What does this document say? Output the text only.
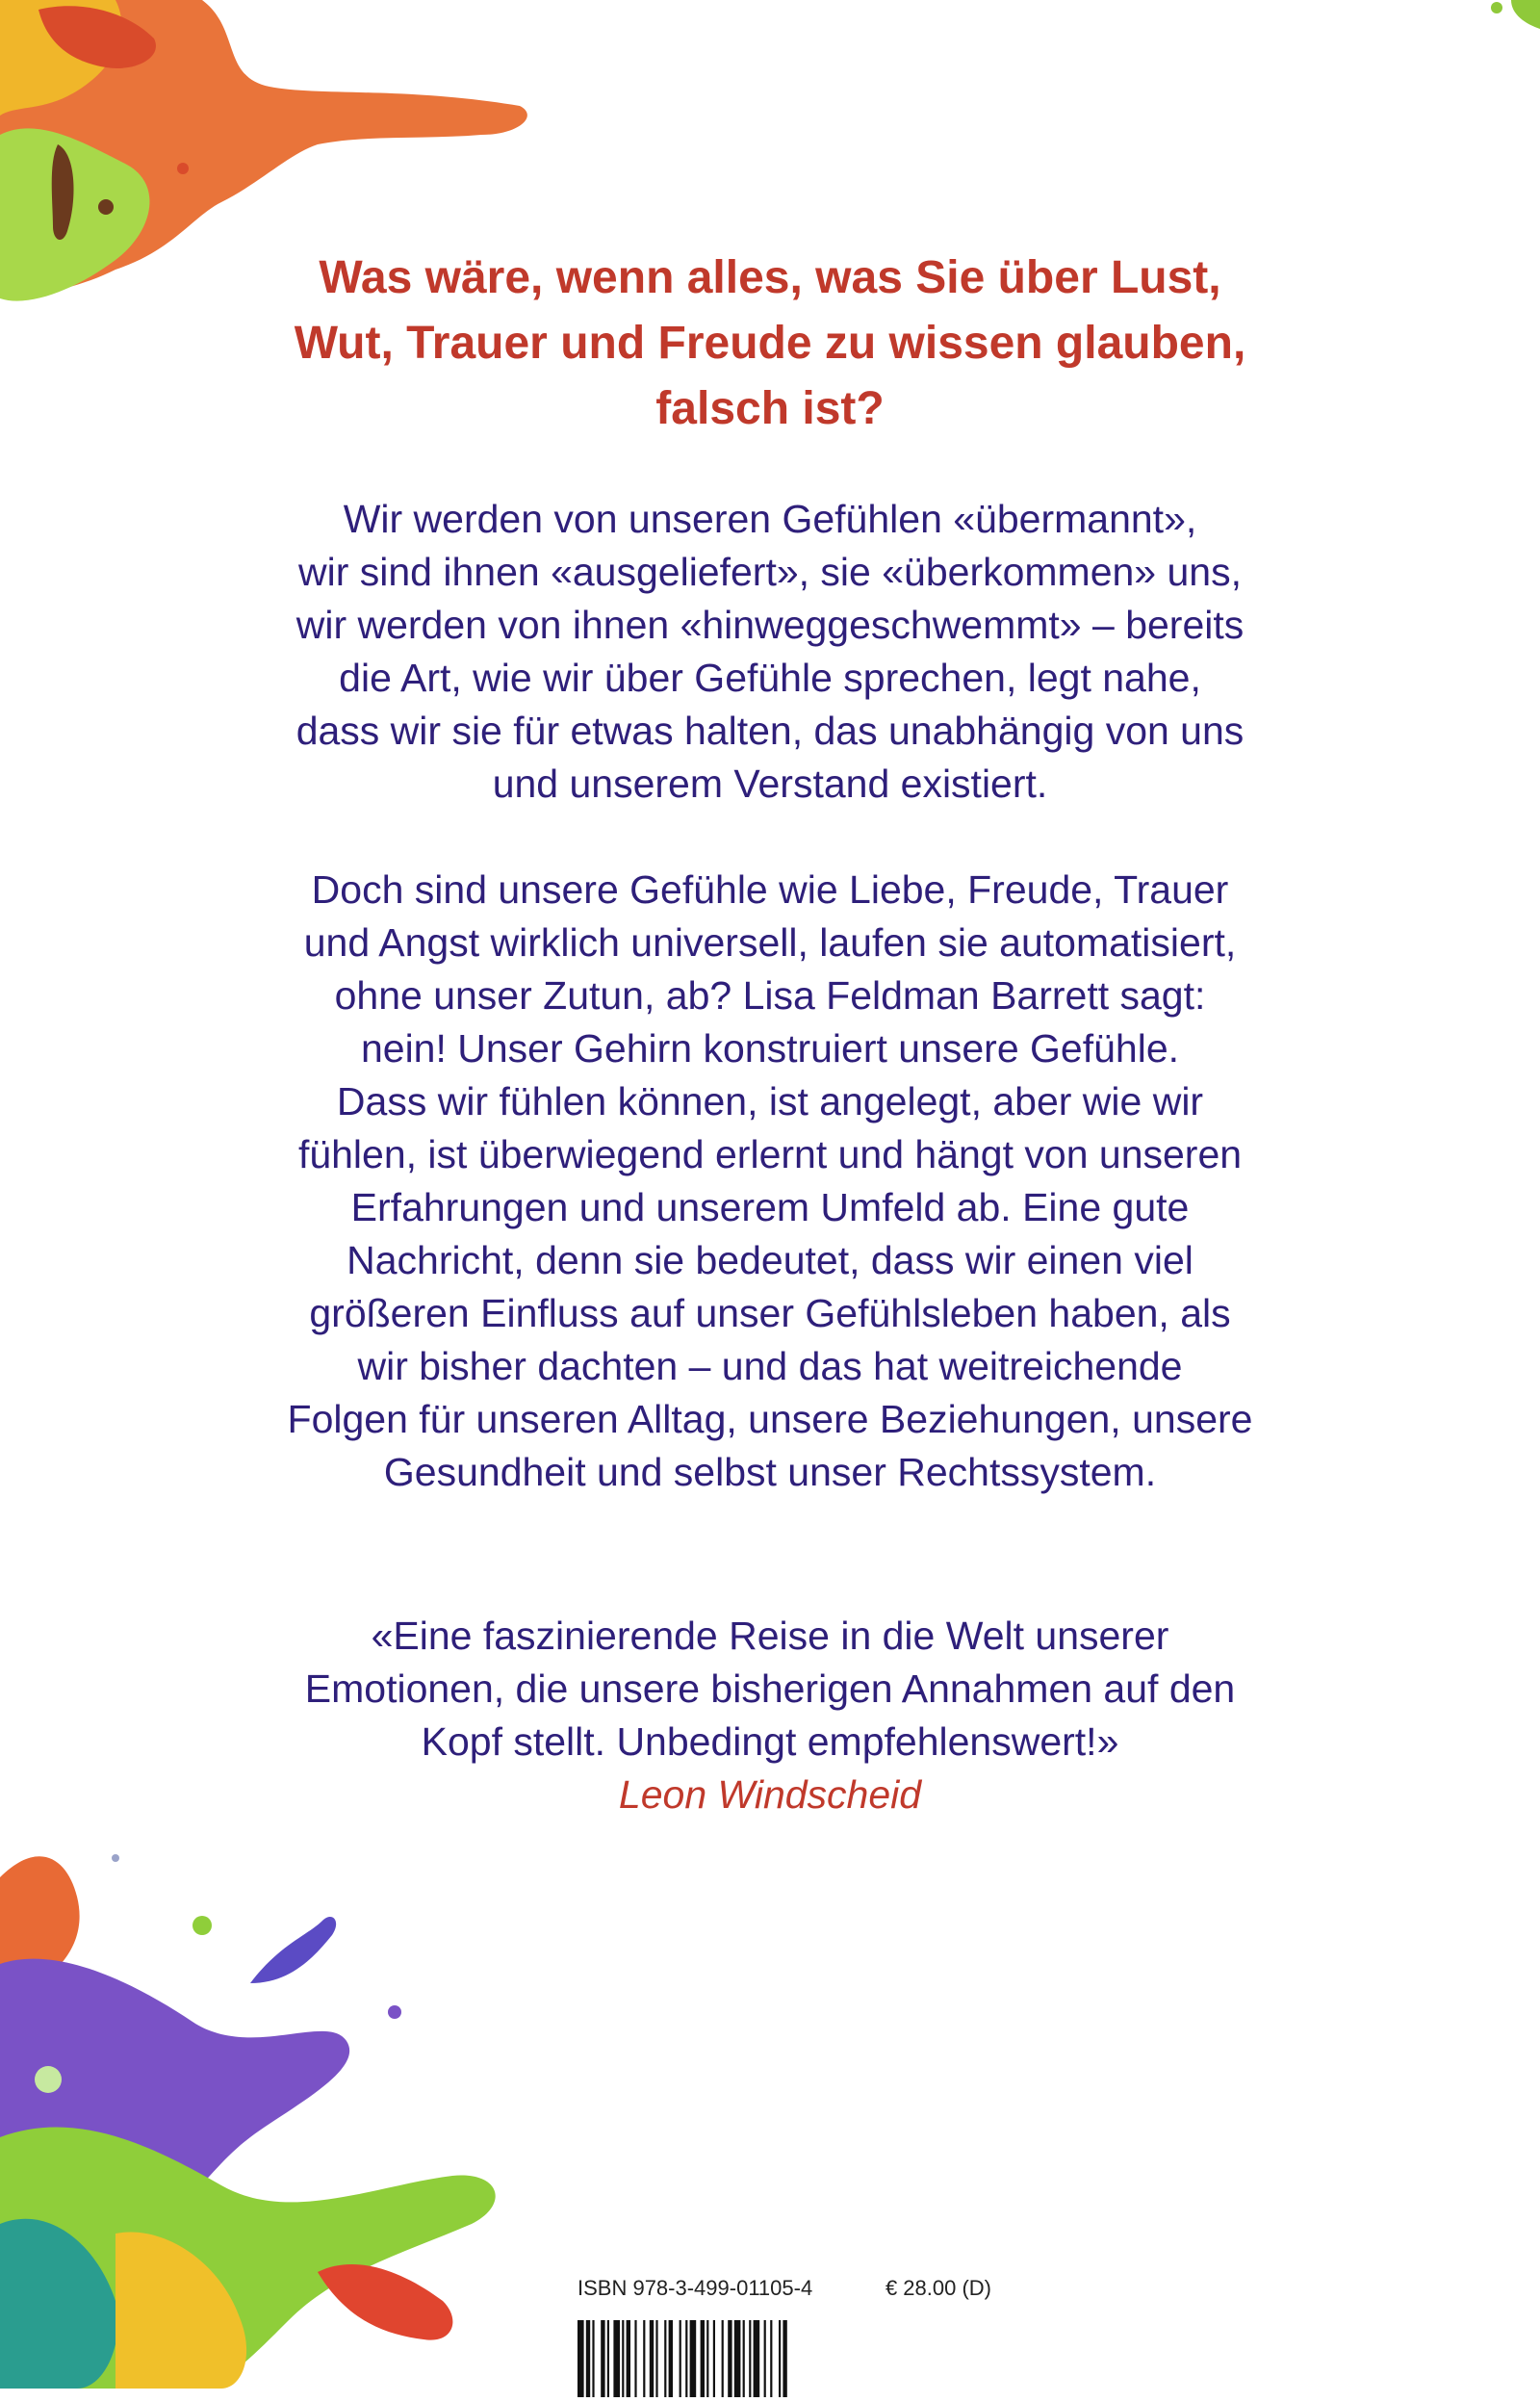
Was wäre, wenn alles, was Sie über Lust,
Wut, Trauer und Freude zu wissen glauben,
falsch ist?
Wir werden von unseren Gefühlen «übermannt»,
wir sind ihnen «ausgeliefert», sie «überkommen» uns,
wir werden von ihnen «hinweggeschwemmt» – bereits
die Art, wie wir über Gefühle sprechen, legt nahe,
dass wir sie für etwas halten, das unabhängig von uns
und unserem Verstand existiert.
Doch sind unsere Gefühle wie Liebe, Freude, Trauer
und Angst wirklich universell, laufen sie automatisiert,
ohne unser Zutun, ab? Lisa Feldman Barrett sagt:
nein! Unser Gehirn konstruiert unsere Gefühle.
Dass wir fühlen können, ist angelegt, aber wie wir
fühlen, ist überwiegend erlernt und hängt von unseren
Erfahrungen und unserem Umfeld ab. Eine gute
Nachricht, denn sie bedeutet, dass wir einen viel
größeren Einfluss auf unser Gefühlsleben haben, als
wir bisher dachten – und das hat weitreichende
Folgen für unseren Alltag, unsere Beziehungen, unsere
Gesundheit und selbst unser Rechtssystem.
«Eine faszinierende Reise in die Welt unserer
Emotionen, die unsere bisherigen Annahmen auf den
Kopf stellt. Unbedingt empfehlenswert!»
Leon Windscheid
ISBN 978-3-499-01105-4	€ 28.00 (D)
